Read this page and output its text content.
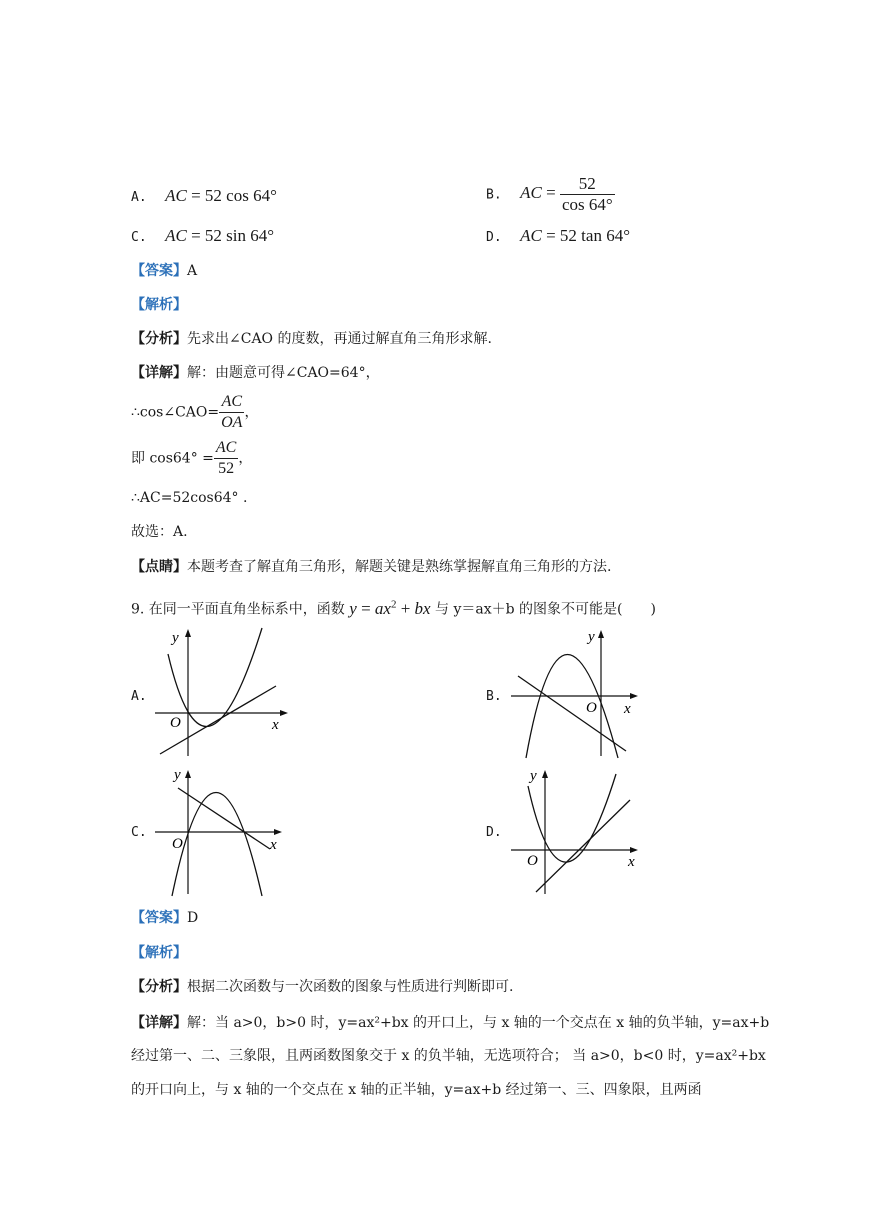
A. AC = 52 cos 64°	B. AC = $\frac{52}{\cos 64^\circ}$
C. AC = 52 sin 64°	D. AC = 52 tan 64°
【答案】A
【解析】
【分析】先求出∠CAO 的度数，再通过解直角三角形求解.
【详解】解：由题意可得∠CAO=64°，
∴cos∠CAO= $\frac{AC}{OA}$ ，
即 $\cos 64^\circ = \frac{AC}{52}$ ，
∴AC=52cos64° .
故选：A.
【点睛】本题考查了解直角三角形，解题关键是熟练掌握解直角三角形的方法.
9. 在同一平面直角坐标系中，函数 $y = ax^2$ + bx 与 y＝ax＋b 的图象不可能是(　　)
A.	B.
C.	D.
y
x
O
y
x
O
y
x
O
y
x
O
【答案】D
【解析】
【分析】根据二次函数与一次函数的图象与性质进行判断即可.
【详解】解：当 a>0，b>0 时，y=ax²+bx 的开口上，与 x 轴的一个交点在 x 轴的负半轴，y=ax+b
经过第一、二、三象限，且两函数图象交于 x 的负半轴，无选项符合； 当 a>0，b<0 时，y=ax²+bx
的开口向上，与 x 轴的一个交点在 x 轴的正半轴，y=ax+b 经过第一、三、四象限，且两函
